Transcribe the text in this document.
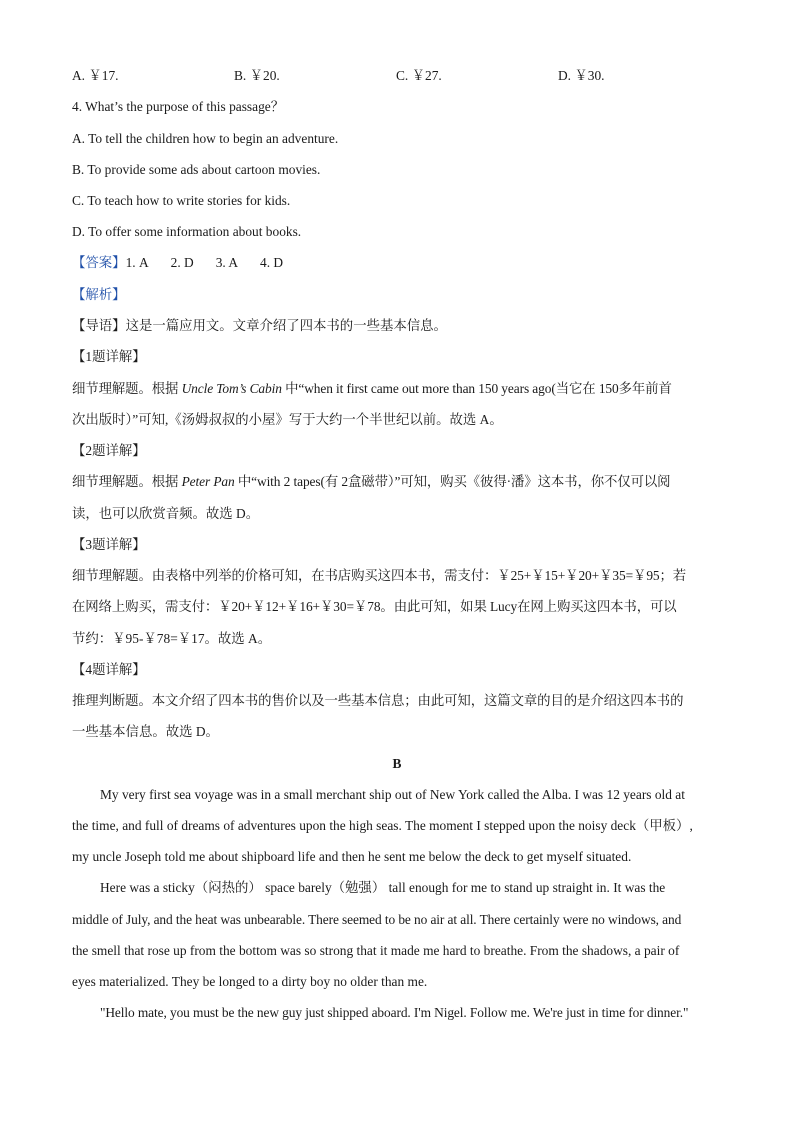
A. ￥17.	B. ￥20.	C. ￥27.	D. ￥30.
4. What’s the purpose of this passage？
A. To tell the children how to begin an adventure.
B. To provide some ads about cartoon movies.
C. To teach how to write stories for kids.
D. To offer some information about books.
【答案】1. A 2. D 3. A 4. D
【解析】
【导语】这是一篇应用文。文章介绍了四本书的一些基本信息。
【1题详解】
细节理解题。根据 Uncle Tom’s Cabin 中“when it first came out more than 150 years ago(当它在 150多年前首
次出版时）”可知,《汤姆叔叔的小屋》写于大约一个半世纪以前。故选 A。
【2题详解】
细节理解题。根据 Peter Pan 中“with 2 tapes(有 2盒磁带）”可知，购买《彼得·潘》这本书，你不仅可以阅
读，也可以欣赏音频。故选 D。
【3题详解】
细节理解题。由表格中列举的价格可知，在书店购买这四本书，需支付：￥25+￥15+￥20+￥35=￥95；若
在网络上购买，需支付：￥20+￥12+￥16+￥30=￥78。由此可知，如果 Lucy在网上购买这四本书，可以
节约：￥95-￥78=￥17。故选 A。
【4题详解】
推理判断题。本文介绍了四本书的售价以及一些基本信息；由此可知，这篇文章的目的是介绍这四本书的
一些基本信息。故选 D。
B
My very first sea voyage was in a small merchant ship out of New York called the Alba. I was 12 years old at
the time, and full of dreams of adventures upon the high seas. The moment I stepped upon the noisy deck（甲板）,
my uncle Joseph told me about shipboard life and then he sent me below the deck to get myself situated.
Here was a sticky（闷热的） space barely（勉强） tall enough for me to stand up straight in. It was the
middle of July, and the heat was unbearable. There seemed to be no air at all. There certainly were no windows, and
the smell that rose up from the bottom was so strong that it made me hard to breathe. From the shadows, a pair of
eyes materialized. They be longed to a dirty boy no older than me.
"Hello mate, you must be the new guy just shipped aboard. I'm Nigel. Follow me. We're just in time for dinner."
